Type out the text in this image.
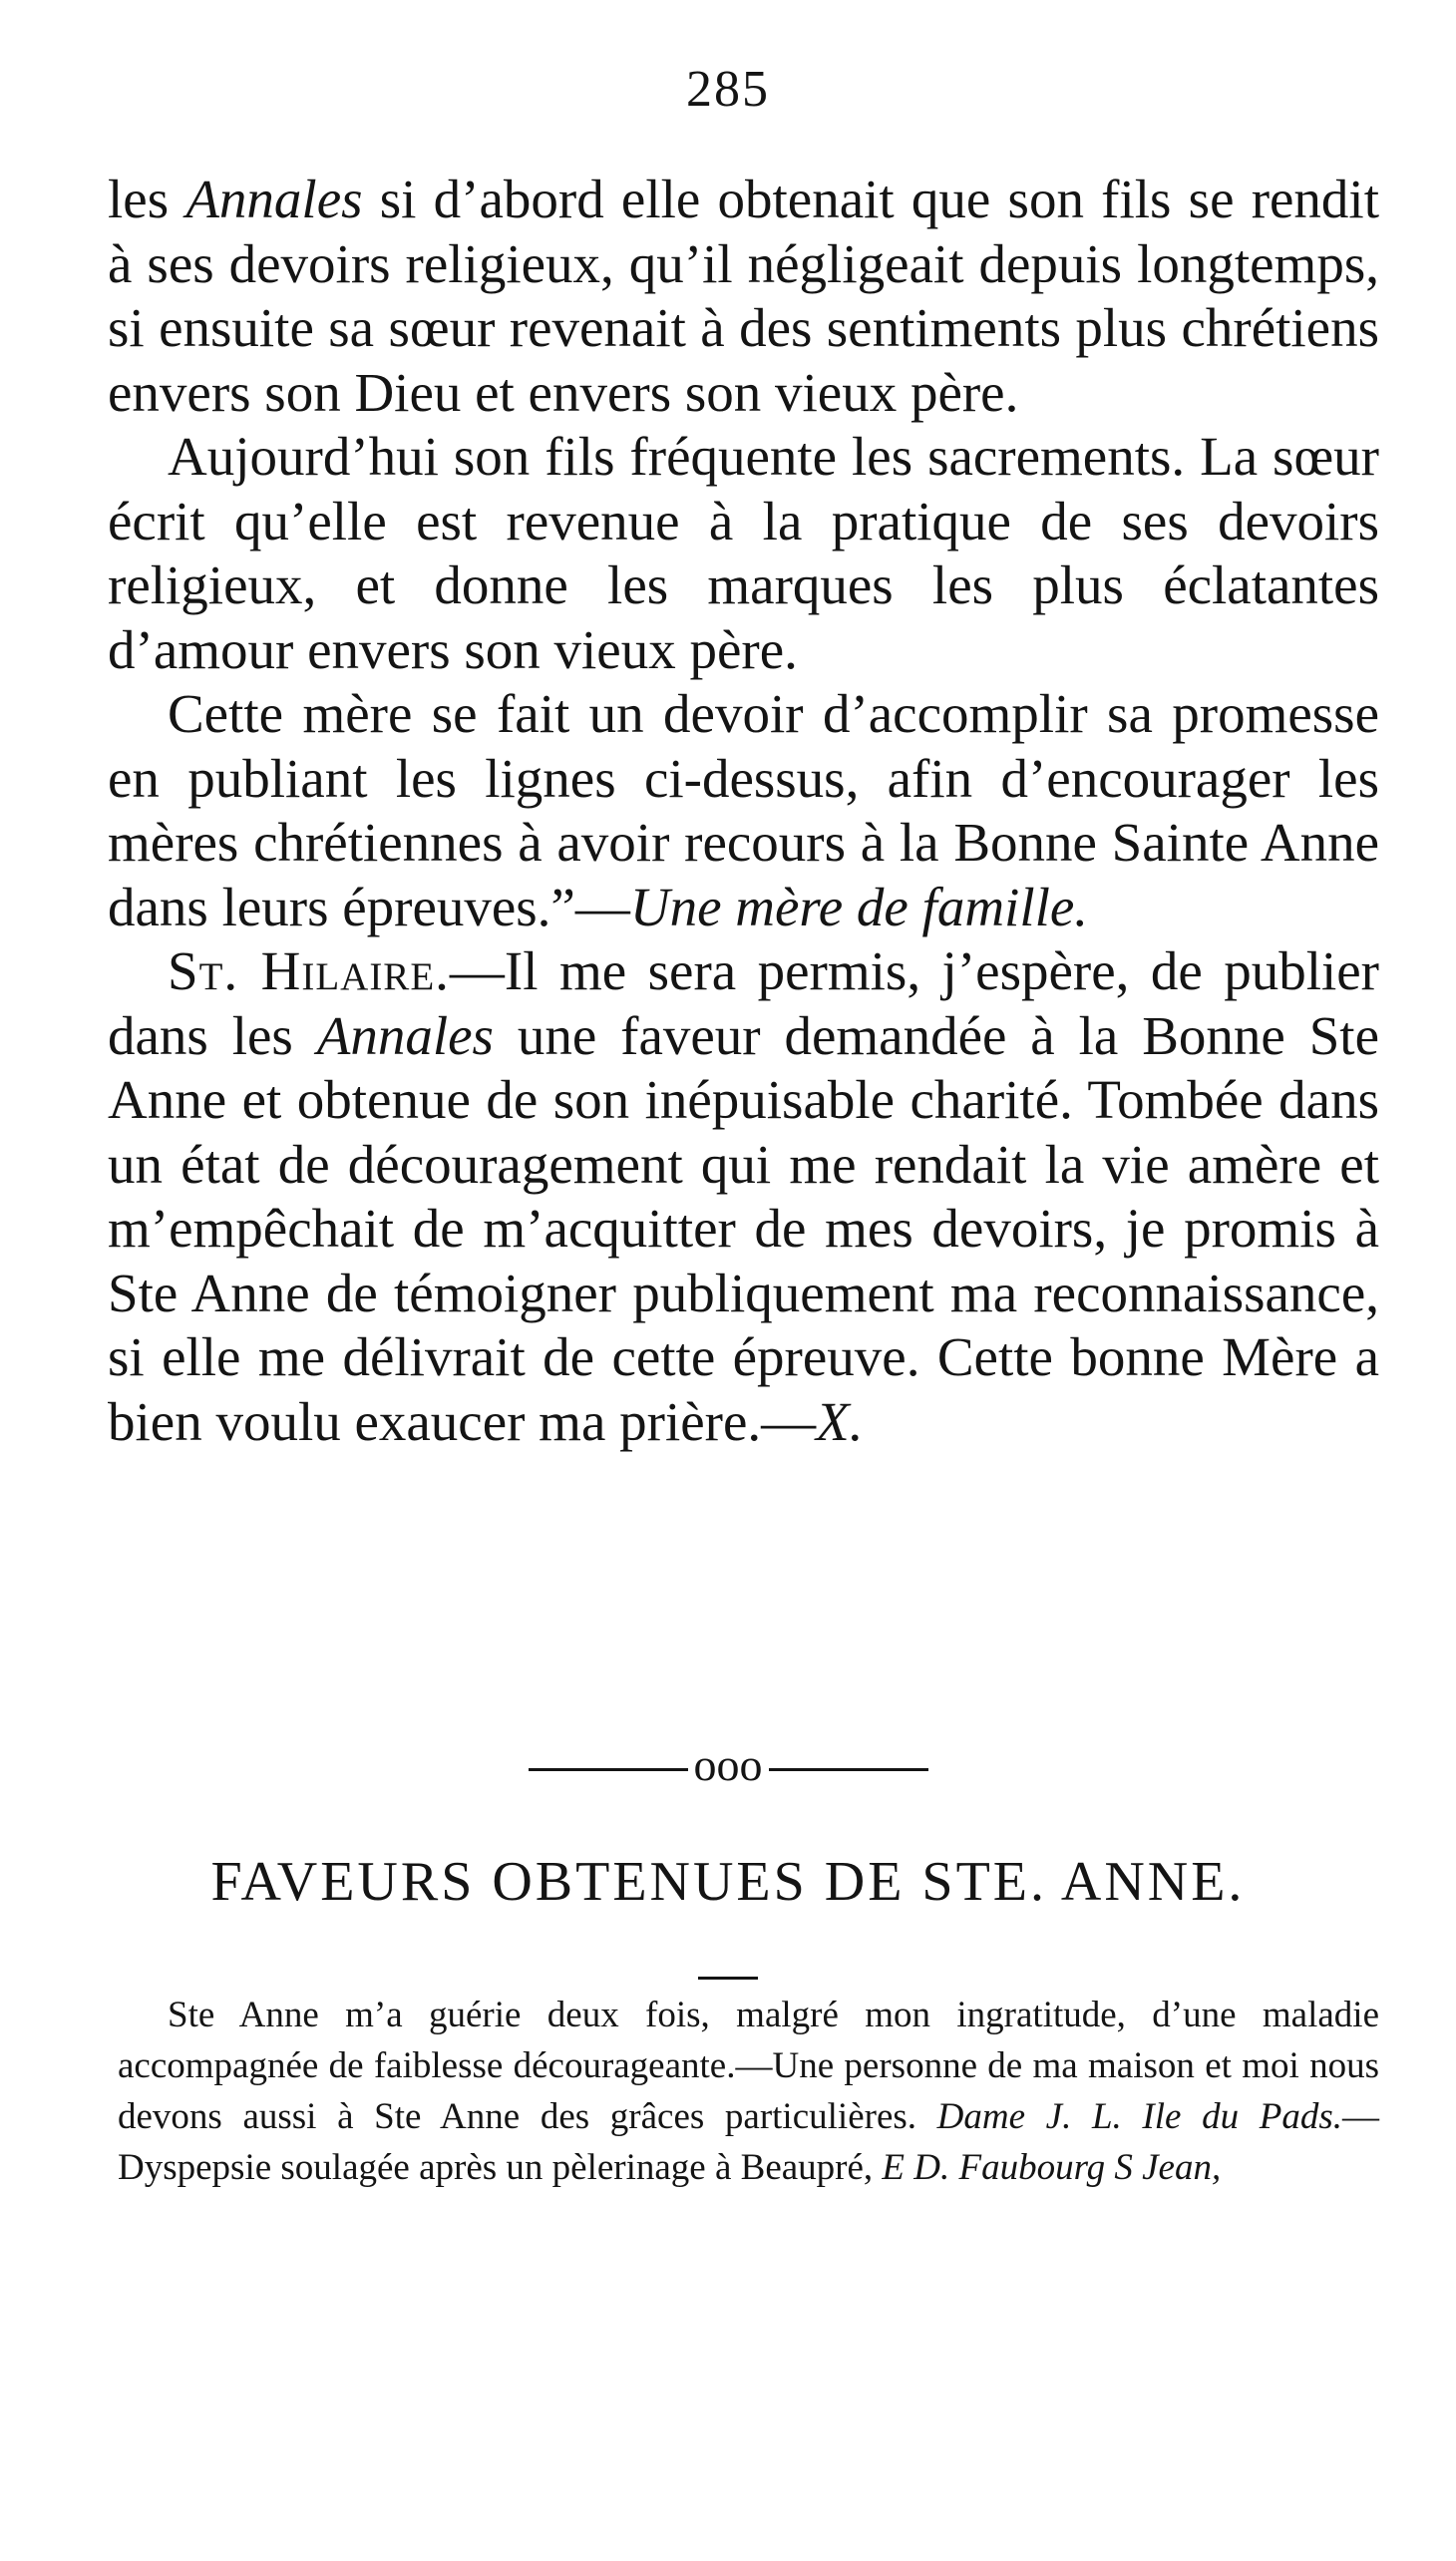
285

les Annales si d’abord elle obtenait que son fils se rendit à ses devoirs religieux, qu’il négligeait depuis longtemps, si ensuite sa sœur revenait à des sentiments plus chrétiens envers son Dieu et envers son vieux père.

Aujourd’hui son fils fréquente les sacrements. La sœur écrit qu’elle est revenue à la pratique de ses devoirs religieux, et donne les marques les plus éclatantes d’amour envers son vieux père.

Cette mère se fait un devoir d’accomplir sa promesse en publiant les lignes ci-dessus, afin d’encourager les mères chrétiennes à avoir recours à la Bonne Sainte Anne dans leurs épreuves.”—Une mère de famille.

St. Hilaire.—Il me sera permis, j’espère, de publier dans les Annales une faveur demandée à la Bonne Ste Anne et obtenue de son inépuisable charité. Tombée dans un état de découragement qui me rendait la vie amère et m’empêchait de m’acquitter de mes devoirs, je promis à Ste Anne de témoigner publiquement ma reconnaissance, si elle me délivrait de cette épreuve. Cette bonne Mère a bien voulu exaucer ma prière.—X.

ooo
FAVEURS OBTENUES DE STE. ANNE.

Ste Anne m’a guérie deux fois, malgré mon ingratitude, d’une maladie accompagnée de faiblesse décourageante.—Une personne de ma maison et moi nous devons aussi à Ste Anne des grâces particulières. Dame J. L. Ile du Pads.—Dyspepsie soulagée après un pèlerinage à Beaupré, E D. Faubourg S Jean,
